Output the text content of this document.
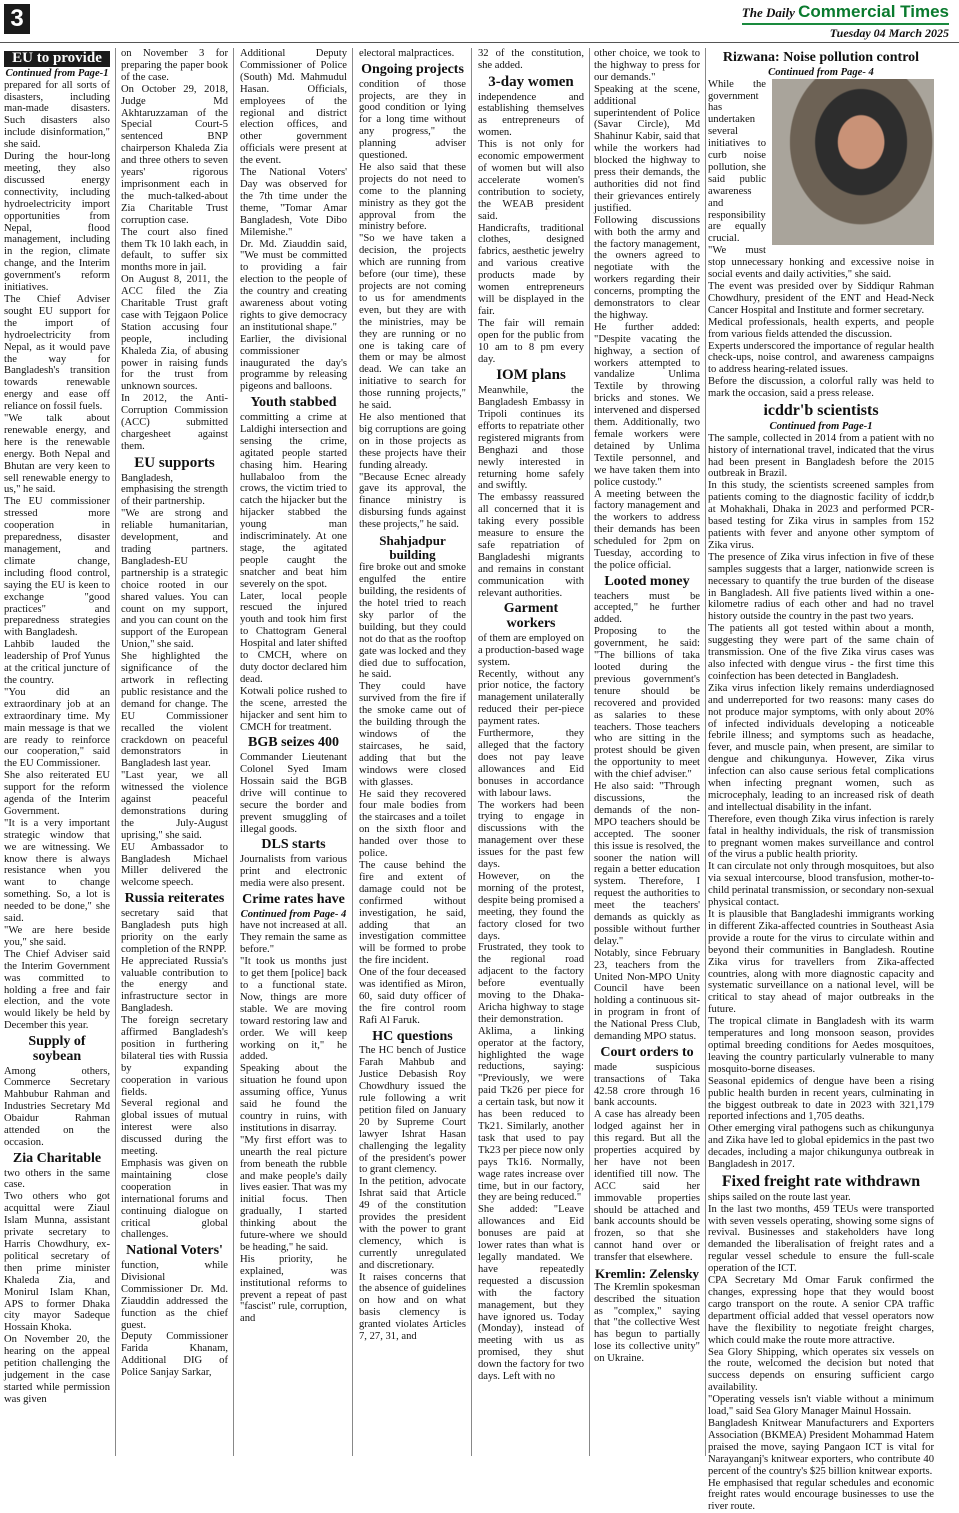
3	The Daily Commercial Times
Tuesday 04 March 2025
EU to provide
Continued from Page-1

prepared for all sorts of disasters, including man-made disasters. Such disasters also include disinformation," she said.

During the hour-long meeting, they also discussed energy connectivity, including hydroelectricity import opportunities from Nepal, flood management, including in the region, climate change, and the Interim government's reform initiatives.

The Chief Adviser sought EU support for the import of hydroelectricity from Nepal, as it would pave the way for Bangladesh's transition towards renewable energy and ease off reliance on fossil fuels.

"We talk about renewable energy, and here is the renewable energy. Both Nepal and Bhutan are very keen to sell renewable energy to us," he said.

The EU commissioner stressed more cooperation in preparedness, disaster management, and climate change, including flood control, saying the EU is keen to exchange "good practices" and preparedness strategies with Bangladesh.

Lahbib lauded the leadership of Prof Yunus at the critical juncture of the country.

"You did an extraordinary job at an extraordinary time. My main message is that we are ready to reinforce our cooperation," said the EU Commissioner.

She also reiterated EU support for the reform agenda of the Interim Government.

"It is a very important strategic window that we are witnessing. We know there is always resistance when you want to change something. So, a lot is needed to be done," she said.

"We are here beside you," she said.

The Chief Adviser said the Interim Government was committed to holding a free and fair election, and the vote would likely be held by December this year.

Supply of soybean

Among others, Commerce Secretary Mahbubur Rahman and Industries Secretary Md Obaidur Rahman attended on the occasion.

Zia Charitable

two others in the same case.

Two others who got acquittal were Ziaul Islam Munna, assistant private secretary to Harris Chowdhury, ex-political secretary of then prime minister Khaleda Zia, and Monirul Islam Khan, APS to former Dhaka city mayor Sadeque Hossain Khoka.

On November 20, the hearing on the appeal petition challenging the judgement in the case started while permission was given

on November 3 for preparing the paper book of the case.

On October 29, 2018, Judge Md Akhtaruzzaman of the Special Court-5 sentenced BNP chairperson Khaleda Zia and three others to seven years' rigorous imprisonment each in the much-talked-about Zia Charitable Trust corruption case.

The court also fined them Tk 10 lakh each, in default, to suffer six months more in jail.

On August 8, 2011, the ACC filed the Zia Charitable Trust graft case with Tejgaon Police Station accusing four people, including Khaleda Zia, of abusing power in raising funds for the trust from unknown sources.

In 2012, the Anti-Corruption Commission (ACC) submitted chargesheet against them.

EU supports

Bangladesh, emphasising the strength of their partnership.

"We are strong and reliable humanitarian, development, and trading partners. Bangladesh-EU partnership is a strategic choice rooted in our shared values. You can count on my support, and you can count on the support of the European Union," she said.

She highlighted the significance of the artwork in reflecting public resistance and the demand for change. The EU Commissioner recalled the violent crackdown on peaceful demonstrators in Bangladesh last year.

"Last year, we all witnessed the violence against peaceful demonstrations during the July-August uprising," she said.

EU Ambassador to Bangladesh Michael Miller delivered the welcome speech.

Russia reiterates

secretary said that Bangladesh puts high priority on the early completion of the RNPP.

He appreciated Russia's valuable contribution to the energy and infrastructure sector in Bangladesh.

The foreign secretary affirmed Bangladesh's position in furthering bilateral ties with Russia by expanding cooperation in various fields.

Several regional and global issues of mutual interest were also discussed during the meeting.

Emphasis was given on maintaining close cooperation in international forums and continuing dialogue on critical global challenges.

National Voters'

function, while Divisional Commissioner Dr. Md. Ziauddin addressed the function as the chief guest.

Deputy Commissioner Farida Khanam, Additional DIG of Police Sanjay Sarkar,

Additional Deputy Commissioner of Police (South) Md. Mahmudul Hasan. Officials, employees of the regional and district election offices, and other government officials were present at the event.

The National Voters' Day was observed for the 7th time under the theme, "Tomar Amar Bangladesh, Vote Dibo Milemishe."

Dr. Md. Ziauddin said, "We must be committed to providing a fair election to the people of the country and creating awareness about voting rights to give democracy an institutional shape."

Earlier, the divisional commissioner inaugurated the day's programme by releasing pigeons and balloons.

Youth stabbed

committing a crime at Laldighi intersection and sensing the crime, agitated people started chasing him. Hearing hullabaloo from the crows, the victim tried to catch the hijacker but the hijacker stabbed the young man indiscriminately. At one stage, the agitated people caught the snatcher and beat him severely on the spot.

Later, local people rescued the injured youth and took him first to Chattogram General Hospital and later shifted to CMCH, where on duty doctor declared him dead.

Kotwali police rushed to the scene, arrested the hijacker and sent him to CMCH for treatment.

BGB seizes 400

Commander Lieutenant Colonel Syed Imam Hossain said the BGB drive will continue to secure the border and prevent smuggling of illegal goods.

DLS starts

Journalists from various print and electronic media were also present.

Crime rates have
Continued from Page- 4

have not increased at all. They remain the same as before."

"It took us months just to get them [police] back to a functional state. Now, things are more stable. We are moving toward restoring law and order. We will keep working on it," he added.

Speaking about the situation he found upon assuming office, Yunus said he found the country in ruins, with institutions in disarray.

"My first effort was to unearth the real picture from beneath the rubble and make people's daily lives easier. That was my initial focus. Then gradually, I started thinking about the future-where we should be heading," he said.

His priority, he explained, was institutional reforms to prevent a repeat of past "fascist" rule, corruption, and

electoral malpractices.

Ongoing projects

condition of those projects, are they in good condition or lying for a long time without any progress," the planning adviser questioned.

He also said that these projects do not need to come to the planning ministry as they got the approval from the ministry before.

"So we have taken a decision, the projects which are running from before (our time), these projects are not coming to us for amendments even, but they are with the ministries, may be they are running or no one is taking care of them or may be almost dead. We can take an initiative to search for those running projects," he said.

He also mentioned that big corruptions are going on in those projects as these projects have their funding already.

"Because Ecnec already gave its approval, the finance ministry is disbursing funds against these projects," he said.

Shahjadpur building

fire broke out and smoke engulfed the entire building, the residents of the hotel tried to reach sky parlor of the building, but they could not do that as the rooftop gate was locked and they died due to suffocation, he said.

They could have survived from the fire if the smoke came out of the building through the windows of the staircases, he said, adding that but the windows were closed with glasses.

He said they recovered four male bodies from the staircases and a toilet on the sixth floor and handed over those to police.

The cause behind the fire and extent of damage could not be confirmed without investigation, he said, adding that an investigation committee will be formed to probe the fire incident.

One of the four deceased was identified as Miron, 60, said duty officer of the fire control room Rafi Al Faruk.

HC questions

The HC bench of Justice Farah Mahbub and Justice Debasish Roy Chowdhury issued the rule following a writ petition filed on January 20 by Supreme Court lawyer Ishrat Hasan challenging the legality of the president's power to grant clemency.

In the petition, advocate Ishrat said that Article 49 of the constitution provides the president with the power to grant clemency, which is currently unregulated and discretionary.

It raises concerns that the absence of guidelines on how and on what basis clemency is granted violates Articles 7, 27, 31, and

32 of the constitution, she added.

3-day women

independence and establishing themselves as entrepreneurs of women.

This is not only for economic empowerment of women but will also accelerate women's contribution to society, the WEAB president said.

Handicrafts, traditional clothes, designed fabrics, aesthetic jewelry and various creative products made by women entrepreneurs will be displayed in the fair.

The fair will remain open for the public from 10 am to 8 pm every day.

IOM plans

Meanwhile, the Bangladesh Embassy in Tripoli continues its efforts to repatriate other registered migrants from Benghazi and those newly interested in returning home safely and swiftly.

The embassy reassured all concerned that it is taking every possible measure to ensure the safe repatriation of Bangladeshi migrants and remains in constant communication with relevant authorities.

Garment workers

of them are employed on a production-based wage system.

Recently, without any prior notice, the factory management unilaterally reduced their per-piece payment rates.

Furthermore, they alleged that the factory does not pay leave allowances and Eid bonuses in accordance with labour laws.

The workers had been trying to engage in discussions with the management over these issues for the past few days.

However, on the morning of the protest, despite being promised a meeting, they found the factory closed for two days.

Frustrated, they took to the regional road adjacent to the factory before eventually moving to the Dhaka-Aricha highway to stage their demonstration.

Aklima, a linking operator at the factory, highlighted the wage reductions, saying: "Previously, we were paid Tk26 per piece for a certain task, but now it has been reduced to Tk21. Similarly, another task that used to pay Tk23 per piece now only pays Tk16. Normally, wage rates increase over time, but in our factory, they are being reduced."

She added: "Leave allowances and Eid bonuses are paid at lower rates than what is legally mandated. We have repeatedly requested a discussion with the factory management, but they have ignored us. Today (Monday), instead of meeting with us as promised, they shut down the factory for two days. Left with no

other choice, we took to the highway to press for our demands."

Speaking at the scene, additional superintendent of Police (Savar Circle), Md Shahinur Kabir, said that while the workers had blocked the highway to press their demands, the authorities did not find their grievances entirely justified.

Following discussions with both the army and the factory management, the owners agreed to negotiate with the workers regarding their concerns, prompting the demonstrators to clear the highway.

He further added: "Despite vacating the highway, a section of workers attempted to vandalize Unlima Textile by throwing bricks and stones. We intervened and dispersed them. Additionally, two female workers were detained by Unlima Textile personnel, and we have taken them into police custody."

A meeting between the factory management and the workers to address their demands has been scheduled for 2pm on Tuesday, according to the police official.

Looted money

teachers must be accepted," he further added.

Proposing to the government, he said: "The billions of taka looted during the previous government's tenure should be recovered and provided as salaries to these teachers. Those teachers who are sitting in the protest should be given the opportunity to meet with the chief adviser."

He also said: "Through discussions, the demands of the non-MPO teachers should be accepted. The sooner this issue is resolved, the sooner the nation will regain a better education system. Therefore, I request the authorities to meet the teachers' demands as quickly as possible without further delay."

Notably, since February 23, teachers from the United Non-MPO Unity Council have been holding a continuous sit-in program in front of the National Press Club, demanding MPO status.

Court orders to

made suspicious transactions of Taka 42.58 crore through 16 bank accounts.

A case has already been lodged against her in this regard. But all the properties acquired by her have not been identified till now. The ACC said her immovable properties should be attached and bank accounts should be frozen, so that she cannot hand over or transfer that elsewhere.

Kremlin: Zelensky

The Kremlin spokesman described the situation as "complex," saying that "the collective West has begun to partially lose its collective unity" on Ukraine.

Rizwana: Noise pollution control
Continued from Page- 4

While the government has undertaken several initiatives to curb noise pollution, she said public awareness and responsibility are equally crucial.

"We must stop unnecessary honking and excessive noise in social events and daily activities," she said.

The event was presided over by Siddiqur Rahman Chowdhury, president of the ENT and Head-Neck Cancer Hospital and Institute and former secretary.

Medical professionals, health experts, and people from various fields attended the discussion.

Experts underscored the importance of regular health check-ups, noise control, and awareness campaigns to address hearing-related issues.

Before the discussion, a colorful rally was held to mark the occasion, said a press release.

icddr'b scientists
Continued from Page-1

The sample, collected in 2014 from a patient with no history of international travel, indicated that the virus had been present in Bangladesh before the 2015 outbreak in Brazil.

In this study, the scientists screened samples from patients coming to the diagnostic facility of icddr,b at Mohakhali, Dhaka in 2023 and performed PCR-based testing for Zika virus in samples from 152 patients with fever and anyone other symptom of Zika virus.

The presence of Zika virus infection in five of these samples suggests that a larger, nationwide screen is necessary to quantify the true burden of the disease in Bangladesh. All five patients lived within a one-kilometre radius of each other and had no travel history outside the country in the past two years.

The patients all got tested within about a month, suggesting they were part of the same chain of transmission. One of the five Zika virus cases was also infected with dengue virus - the first time this coinfection has been detected in Bangladesh.

Zika virus infection likely remains underdiagnosed and underreported for two reasons: many cases do not produce major symptoms, with only about 20% of infected individuals developing a noticeable febrile illness; and symptoms such as headache, fever, and muscle pain, when present, are similar to dengue and chikungunya. However, Zika virus infection can also cause serious fetal complications when infecting pregnant women, such as microcephaly, leading to an increased risk of death and intellectual disability in the infant.

Therefore, even though Zika virus infection is rarely fatal in healthy individuals, the risk of transmission to pregnant women makes surveillance and control of the virus a public health priority.

It can circulate not only through mosquitoes, but also via sexual intercourse, blood transfusion, mother-to-child perinatal transmission, or secondary non-sexual physical contact.

It is plausible that Bangladeshi immigrants working in different Zika-affected countries in Southeast Asia provide a route for the virus to circulate within and beyond their communities in Bangladesh. Routine Zika virus for travellers from Zika-affected countries, along with more diagnostic capacity and systematic surveillance on a national level, will be critical to stay ahead of major outbreaks in the future.

The tropical climate in Bangladesh with its warm temperatures and long monsoon season, provides optimal breeding conditions for Aedes mosquitoes, leaving the country particularly vulnerable to many mosquito-borne diseases.

Seasonal epidemics of dengue have been a rising public health burden in recent years, culminating in the biggest outbreak to date in 2023 with 321,179 reported infections and 1,705 deaths.

Other emerging viral pathogens such as chikungunya and Zika have led to global epidemics in the past two decades, including a major chikungunya outbreak in Bangladesh in 2017.

Fixed freight rate withdrawn

ships sailed on the route last year.

In the last two months, 459 TEUs were transported with seven vessels operating, showing some signs of revival. Businesses and stakeholders have long demanded the liberalisation of freight rates and a regular vessel schedule to ensure the full-scale operation of the ICT.

CPA Secretary Md Omar Faruk confirmed the changes, expressing hope that they would boost cargo transport on the route. A senior CPA traffic department official added that vessel operators now have the flexibility to negotiate freight charges, which could make the route more attractive.

Sea Glory Shipping, which operates six vessels on the route, welcomed the decision but noted that success depends on ensuring sufficient cargo availability.

"Operating vessels isn't viable without a minimum load," said Sea Glory Manager Mainul Hossain.

Bangladesh Knitwear Manufacturers and Exporters Association (BKMEA) President Mohammad Hatem praised the move, saying Pangaon ICT is vital for Narayanganj's knitwear exporters, who contribute 40 percent of the country's $25 billion knitwear exports.

He emphasised that regular schedules and economic freight rates would encourage businesses to use the river route.
